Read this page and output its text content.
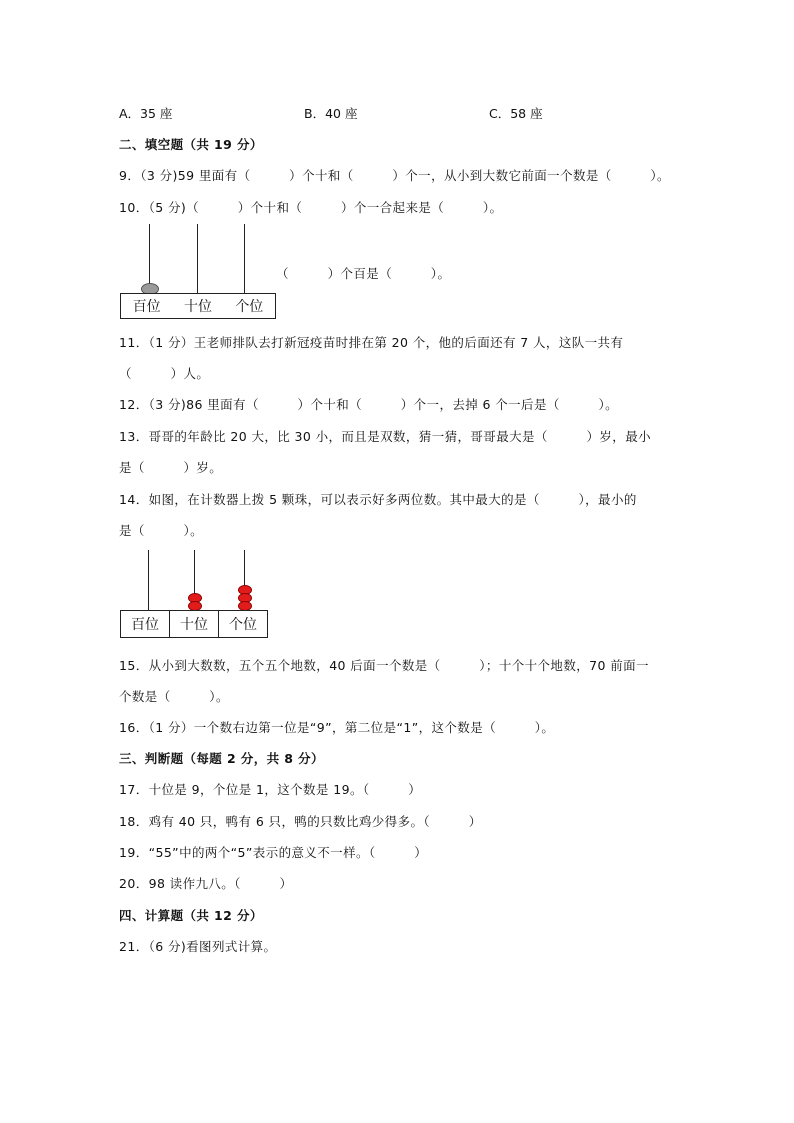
A．35 座	B．40 座	C．58 座
二、填空题（共 19 分）
9．（3 分)59 里面有（　　　）个十和（　　　）个一，从小到大数它前面一个数是（　　　）。
10．（5 分)（　　　）个十和（　　　）个一合起来是（　　　）。
百位	十位	个位
（　　　）个百是（　　　）。
11．（1 分）王老师排队去打新冠疫苗时排在第 20 个，他的后面还有 7 人，这队一共有
（　　　）人。
12．（3 分)86 里面有（　　　）个十和（　　　）个一，去掉 6 个一后是（　　　）。
13．哥哥的年龄比 20 大，比 30 小，而且是双数，猜一猜，哥哥最大是（　　　）岁，最小
是（　　　）岁。
14．如图，在计数器上拨 5 颗珠，可以表示好多两位数。其中最大的是（　　　），最小的
是（　　　）。
百位	十位	个位
15．从小到大数数，五个五个地数，40 后面一个数是（　　　）；十个十个地数，70 前面一
个数是（　　　）。
16．（1 分）一个数右边第一位是“9”，第二位是“1”，这个数是（　　　）。
三、判断题（每题 2 分，共 8 分）
17．十位是 9，个位是 1，这个数是 19。（　　　）
18．鸡有 40 只，鸭有 6 只，鸭的只数比鸡少得多。（　　　）
19．“55”中的两个“5”表示的意义不一样。（　　　）
20．98 读作九八。（　　　）
四、计算题（共 12 分）
21．（6 分)看图列式计算。
